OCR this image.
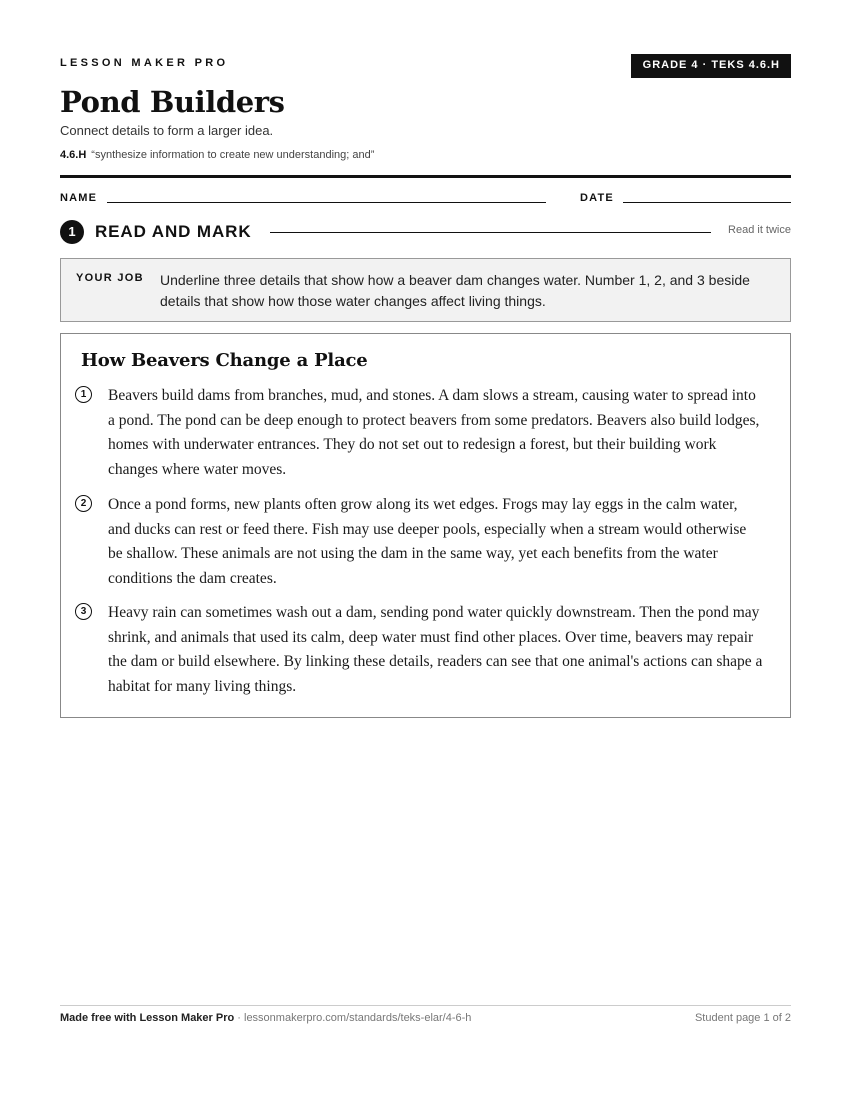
LESSON MAKER PRO	GRADE 4 · TEKS 4.6.H
Pond Builders
Connect details to form a larger idea.
4.6.H “synthesize information to create new understanding; and”
NAME	DATE
1	READ AND MARK	Read it twice
YOUR JOB Underline three details that show how a beaver dam changes water. Number 1, 2, and 3 beside details that show how those water changes affect living things.
How Beavers Change a Place
1	Beavers build dams from branches, mud, and stones. A dam slows a stream, causing water to spread into a pond. The pond can be deep enough to protect beavers from some predators. Beavers also build lodges, homes with underwater entrances. They do not set out to redesign a forest, but their building work changes where water moves.

2	Once a pond forms, new plants often grow along its wet edges. Frogs may lay eggs in the calm water, and ducks can rest or feed there. Fish may use deeper pools, especially when a stream would otherwise be shallow. These animals are not using the dam in the same way, yet each benefits from the water conditions the dam creates.

3	Heavy rain can sometimes wash out a dam, sending pond water quickly downstream. Then the pond may shrink, and animals that used its calm, deep water must find other places. Over time, beavers may repair the dam or build elsewhere. By linking these details, readers can see that one animal's actions can shape a habitat for many living things.

Made free with Lesson Maker Pro · lessonmakerpro.com/standards/teks-elar/4-6-h	Student page 1 of 2
